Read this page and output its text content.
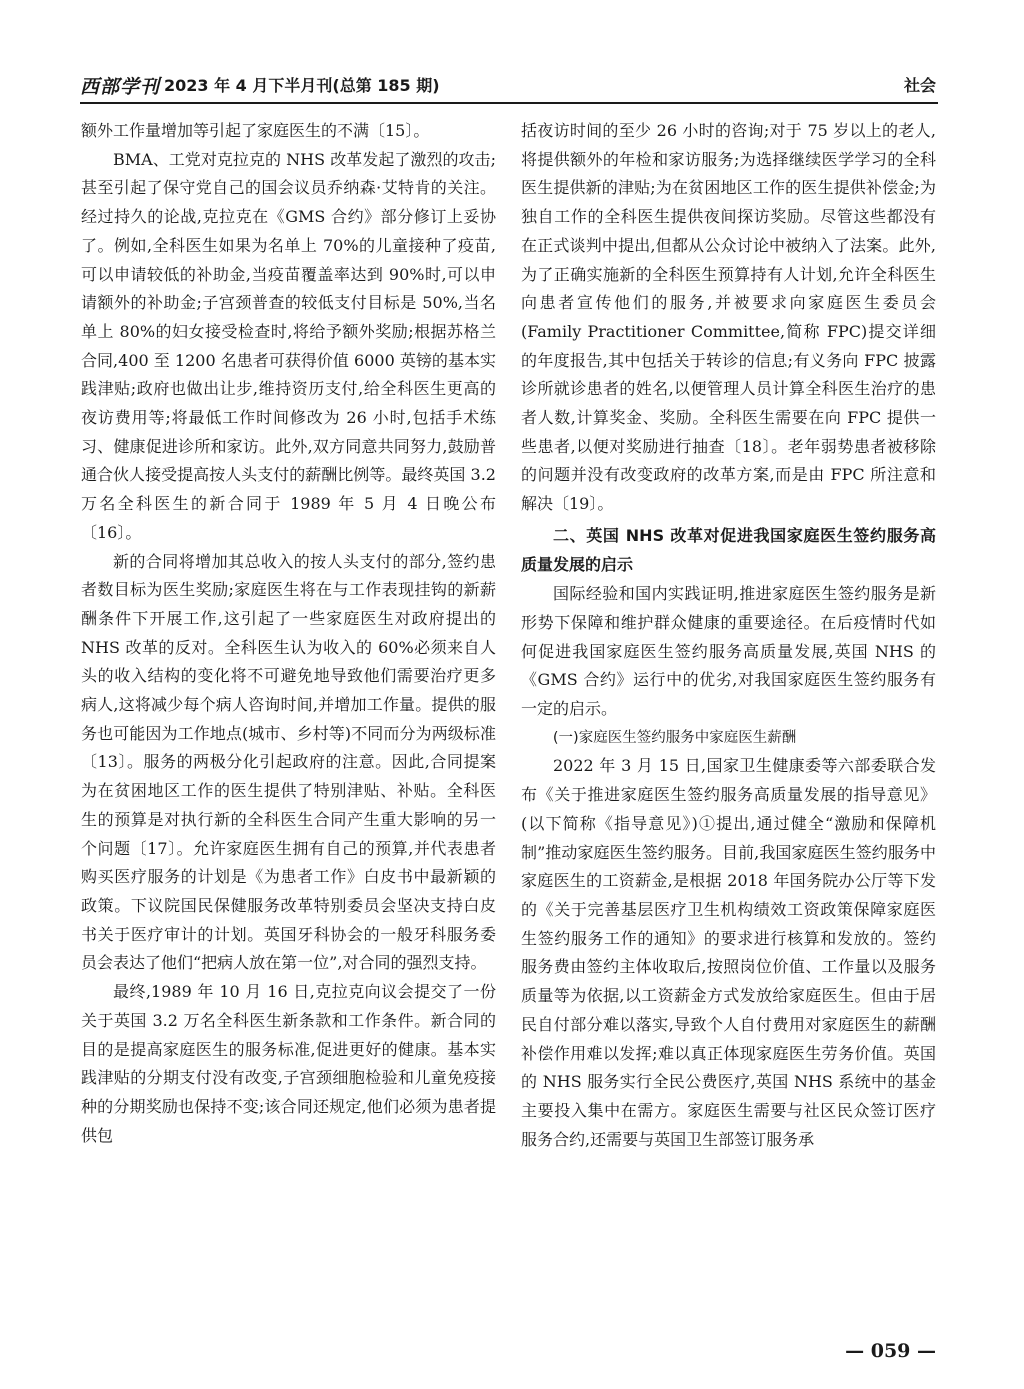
西部学刊 2023 年 4 月下半月刊(总第 185 期)	社会

额外工作量增加等引起了家庭医生的不满〔15〕。

BMA、工党对克拉克的 NHS 改革发起了激烈的攻击;甚至引起了保守党自己的国会议员乔纳森·艾特肯的关注。经过持久的论战,克拉克在《GMS 合约》部分修订上妥协了。例如,全科医生如果为名单上 70%的儿童接种了疫苗,可以申请较低的补助金,当疫苗覆盖率达到 90%时,可以申请额外的补助金;子宫颈普查的较低支付目标是 50%,当名单上 80%的妇女接受检查时,将给予额外奖励;根据苏格兰合同,400 至 1200 名患者可获得价值 6000 英镑的基本实践津贴;政府也做出让步,维持资历支付,给全科医生更高的夜访费用等;将最低工作时间修改为 26 小时,包括手术练习、健康促进诊所和家访。此外,双方同意共同努力,鼓励普通合伙人接受提高按人头支付的薪酬比例等。最终英国 3.2 万名全科医生的新合同于 1989 年 5 月 4 日晚公布〔16〕。

新的合同将增加其总收入的按人头支付的部分,签约患者数目标为医生奖励;家庭医生将在与工作表现挂钩的新薪酬条件下开展工作,这引起了一些家庭医生对政府提出的 NHS 改革的反对。全科医生认为收入的 60%必须来自人头的收入结构的变化将不可避免地导致他们需要治疗更多病人,这将减少每个病人咨询时间,并增加工作量。提供的服务也可能因为工作地点(城市、乡村等)不同而分为两级标准〔13〕。服务的两极分化引起政府的注意。因此,合同提案为在贫困地区工作的医生提供了特别津贴、补贴。全科医生的预算是对执行新的全科医生合同产生重大影响的另一个问题〔17〕。允许家庭医生拥有自己的预算,并代表患者购买医疗服务的计划是《为患者工作》白皮书中最新颖的政策。下议院国民保健服务改革特别委员会坚决支持白皮书关于医疗审计的计划。英国牙科协会的一般牙科服务委员会表达了他们“把病人放在第一位”,对合同的强烈支持。

最终,1989 年 10 月 16 日,克拉克向议会提交了一份关于英国 3.2 万名全科医生新条款和工作条件。新合同的目的是提高家庭医生的服务标准,促进更好的健康。基本实践津贴的分期支付没有改变,子宫颈细胞检验和儿童免疫接种的分期奖励也保持不变;该合同还规定,他们必须为患者提供包

括夜访时间的至少 26 小时的咨询;对于 75 岁以上的老人,将提供额外的年检和家访服务;为选择继续医学学习的全科医生提供新的津贴;为在贫困地区工作的医生提供补偿金;为独自工作的全科医生提供夜间探访奖励。尽管这些都没有在正式谈判中提出,但都从公众讨论中被纳入了法案。此外,为了正确实施新的全科医生预算持有人计划,允许全科医生向患者宣传他们的服务,并被要求向家庭医生委员会(Family Practitioner Committee,简称 FPC)提交详细的年度报告,其中包括关于转诊的信息;有义务向 FPC 披露诊所就诊患者的姓名,以便管理人员计算全科医生治疗的患者人数,计算奖金、奖励。全科医生需要在向 FPC 提供一些患者,以便对奖励进行抽查〔18〕。老年弱势患者被移除的问题并没有改变政府的改革方案,而是由 FPC 所注意和解决〔19〕。

二、英国 NHS 改革对促进我国家庭医生签约服务高质量发展的启示

国际经验和国内实践证明,推进家庭医生签约服务是新形势下保障和维护群众健康的重要途径。在后疫情时代如何促进我国家庭医生签约服务高质量发展,英国 NHS 的《GMS 合约》运行中的优劣,对我国家庭医生签约服务有一定的启示。

(一)家庭医生签约服务中家庭医生薪酬

2022 年 3 月 15 日,国家卫生健康委等六部委联合发布《关于推进家庭医生签约服务高质量发展的指导意见》(以下简称《指导意见》)①提出,通过健全“激励和保障机制”推动家庭医生签约服务。目前,我国家庭医生签约服务中家庭医生的工资薪金,是根据 2018 年国务院办公厅等下发的《关于完善基层医疗卫生机构绩效工资政策保障家庭医生签约服务工作的通知》的要求进行核算和发放的。签约服务费由签约主体收取后,按照岗位价值、工作量以及服务质量等为依据,以工资薪金方式发放给家庭医生。但由于居民自付部分难以落实,导致个人自付费用对家庭医生的薪酬补偿作用难以发挥;难以真正体现家庭医生劳务价值。英国的 NHS 服务实行全民公费医疗,英国 NHS 系统中的基金主要投入集中在需方。家庭医生需要与社区民众签订医疗服务合约,还需要与英国卫生部签订服务承

— 059 —
